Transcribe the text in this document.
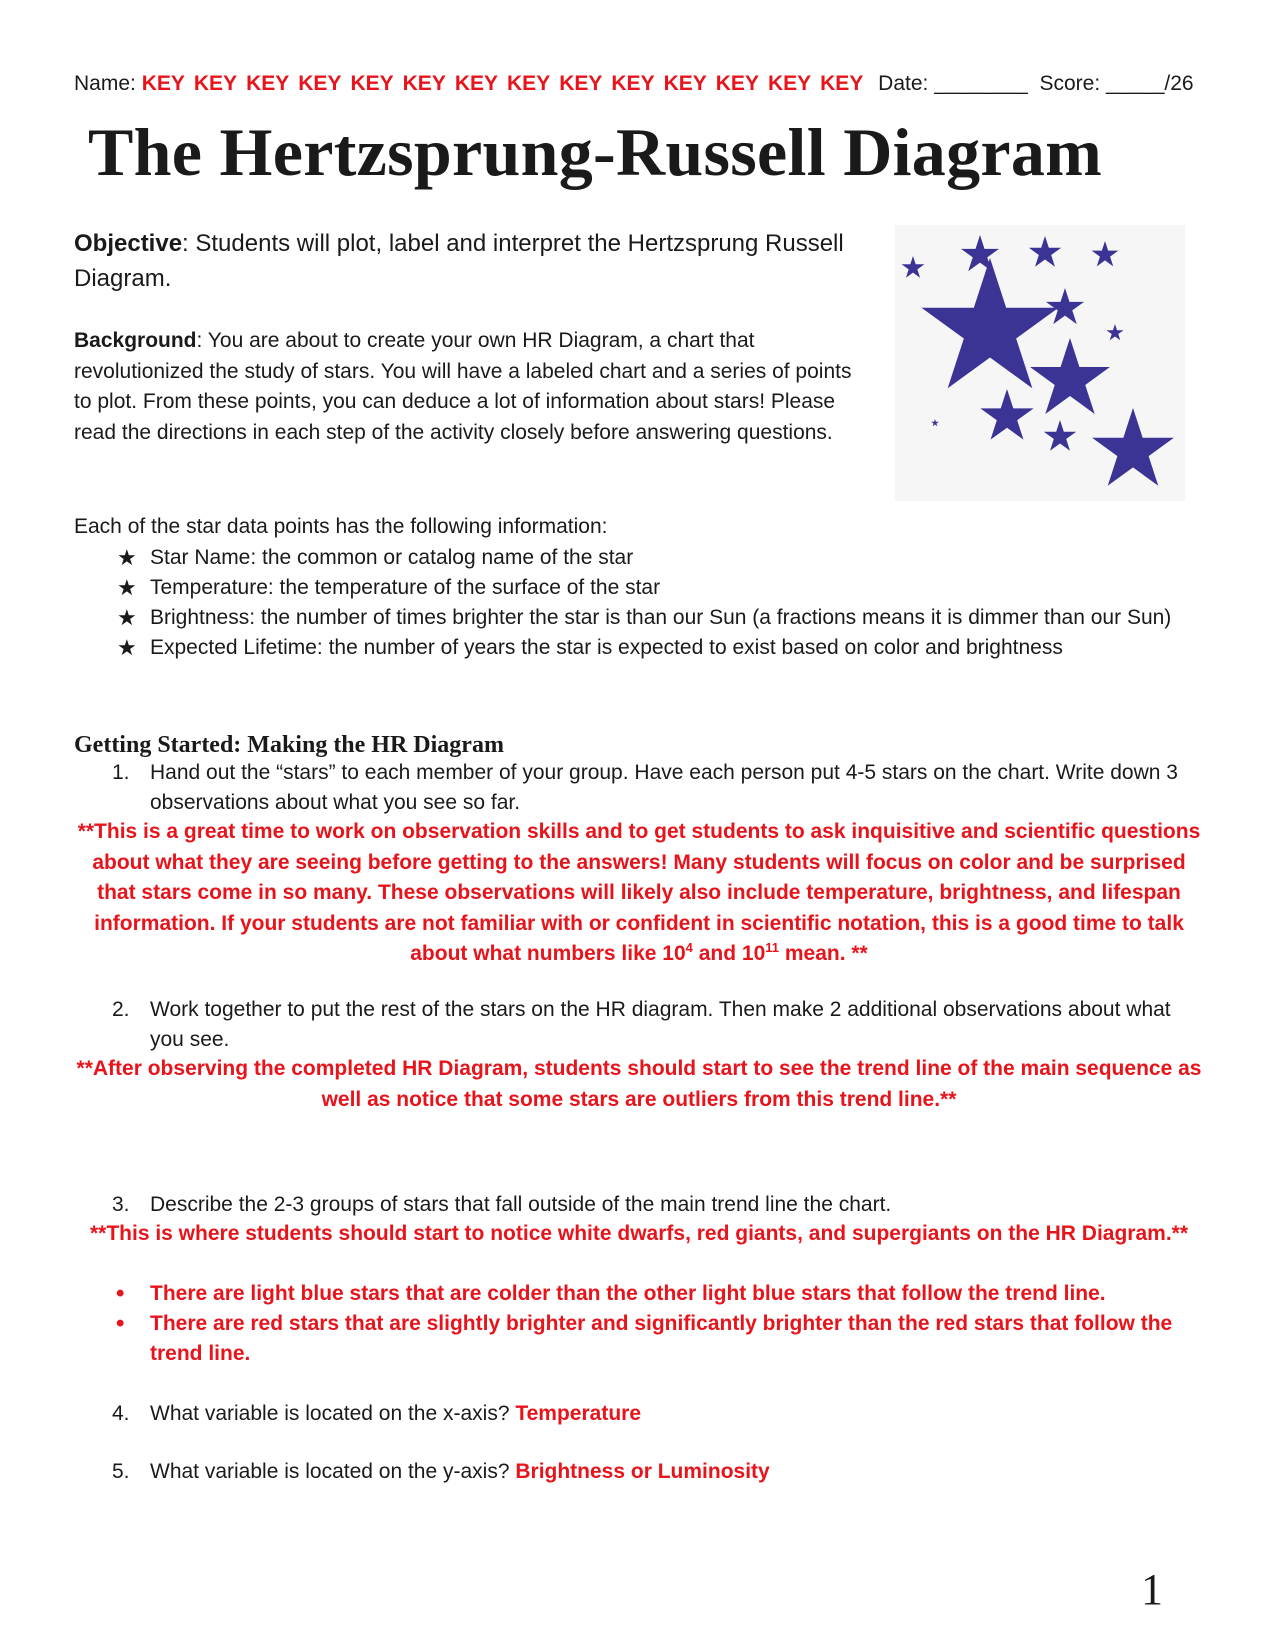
Name: KEY KEY KEY KEY KEY KEY KEY KEY KEY KEY KEY KEY KEY KEY Date: ________ Score: _____/26
The Hertzsprung-Russell Diagram
Objective: Students will plot, label and interpret the Hertzsprung Russell Diagram.
Background: You are about to create your own HR Diagram, a chart that revolutionized the study of stars. You will have a labeled chart and a series of points to plot. From these points, you can deduce a lot of information about stars! Please read the directions in each step of the activity closely before answering questions.
Each of the star data points has the following information:
★ Star Name: the common or catalog name of the star
★ Temperature: the temperature of the surface of the star
★ Brightness: the number of times brighter the star is than our Sun (a fractions means it is dimmer than our Sun)
★ Expected Lifetime: the number of years the star is expected to exist based on color and brightness
Getting Started: Making the HR Diagram
1. Hand out the “stars” to each member of your group. Have each person put 4-5 stars on the chart. Write down 3 observations about what you see so far.
**This is a great time to work on observation skills and to get students to ask inquisitive and scientific questions about what they are seeing before getting to the answers! Many students will focus on color and be surprised that stars come in so many. These observations will likely also include temperature, brightness, and lifespan information. If your students are not familiar with or confident in scientific notation, this is a good time to talk about what numbers like $10^4$ and $10^{11}$ mean. **
2. Work together to put the rest of the stars on the HR diagram. Then make 2 additional observations about what you see.
**After observing the completed HR Diagram, students should start to see the trend line of the main sequence as well as notice that some stars are outliers from this trend line.**
3. Describe the 2-3 groups of stars that fall outside of the main trend line the chart.
**This is where students should start to notice white dwarfs, red giants, and supergiants on the HR Diagram.**
•	There are light blue stars that are colder than the other light blue stars that follow the trend line.
•	There are red stars that are slightly brighter and significantly brighter than the red stars that follow the trend line.
4. What variable is located on the x-axis? Temperature
5. What variable is located on the y-axis? Brightness or Luminosity
1
